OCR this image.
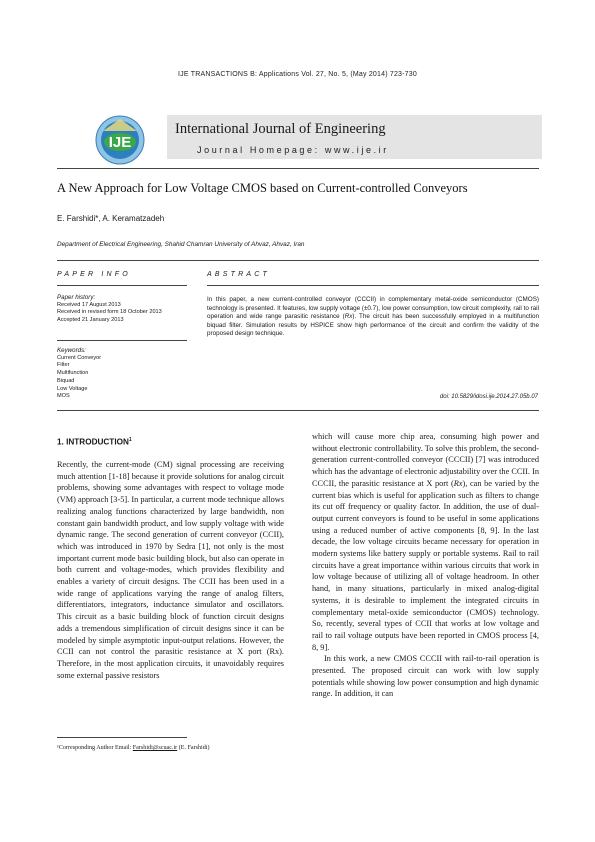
IJE TRANSACTIONS B: Applications Vol. 27, No. 5, (May 2014) 723-730
IJE
International Journal of Engineering
Journal Homepage: www.ije.ir
A New Approach for Low Voltage CMOS based on Current-controlled Conveyors
E. Farshidi*, A. Keramatzadeh
Department of Electrical Engineering, Shahid Chamran University of Ahvaz, Ahvaz, Iran
PAPER INFO	ABSTRACT
Paper history:
Received 17 August 2013
Received in revised form 18 October 2013
Accepted 21 January 2013
Keywords:
Current Conveyor
Filter
Multifunction
Biquad
Low Voltage
MOS
In this paper, a new current-controlled conveyor (CCCII) in complementary metal-oxide semiconductor (CMOS) technology is presented. It features, low supply voltage (±0.7), low power consumption, low circuit complexity, rail to rail operation and wide range parasitic resistance (Rx). The circuit has been successfully employed in a multifunction biquad filter. Simulation results by HSPICE show high performance of the circuit and confirm the validity of the proposed design technique.
doi: 10.5829/idosi.ije.2014.27.05b.07
1. INTRODUCTION$^1$

Recently, the current-mode (CM) signal processing are receiving much attention [1-18] because it provide solutions for analog circuit problems, showing some advantages with respect to voltage mode (VM) approach [3-5]. In particular, a current mode technique allows realizing analog functions characterized by large bandwidth, non constant gain bandwidth product, and low supply voltage with wide dynamic range. The second generation of current conveyor (CCII), which was introduced in 1970 by Sedra [1], not only is the most important current mode basic building block, but also can operate in both current and voltage-modes, which provides flexibility and enables a variety of circuit designs. The CCII has been used in a wide range of applications varying the range of analog filters, differentiators, integrators, inductance simulator and oscillators. This circuit as a basic building block of function circuit designs adds a tremendous simplification of circuit designs since it can be modeled by simple asymptotic input-output relations. However, the CCII can not control the parasitic resistance at X port (Rx). Therefore, in the most application circuits, it unavoidably requires some external passive resistors

which will cause more chip area, consuming high power and without electronic controllability. To solve this problem, the second-generation current-controlled conveyor (CCCII) [7] was introduced which has the advantage of electronic adjustability over the CCII. In CCCII, the parasitic resistance at X port (Rx), can be varied by the current bias which is useful for application such as filters to change its cut off frequency or quality factor. In addition, the use of dual-output current conveyors is found to be useful in some applications using a reduced number of active components [8, 9]. In the last decade, the low voltage circuits became necessary for operation in modern systems like battery supply or portable systems. Rail to rail circuits have a great importance within various circuits that work in low voltage because of utilizing all of voltage headroom. In other hand, in many situations, particularly in mixed analog-digital systems, it is desirable to implement the integrated circuits in complementary metal-oxide semiconductor (CMOS) technology. So, recently, several types of CCII that works at low voltage and rail to rail voltage outputs have been reported in CMOS process [4, 8, 9].

In this work, a new CMOS CCCII with rail-to-rail operation is presented. The proposed circuit can work with low supply potentials while showing low power consumption and high dynamic range. In addition, it can

¹Corresponding Author Email: Farshidi@scuac.ir (E. Farshidi)
